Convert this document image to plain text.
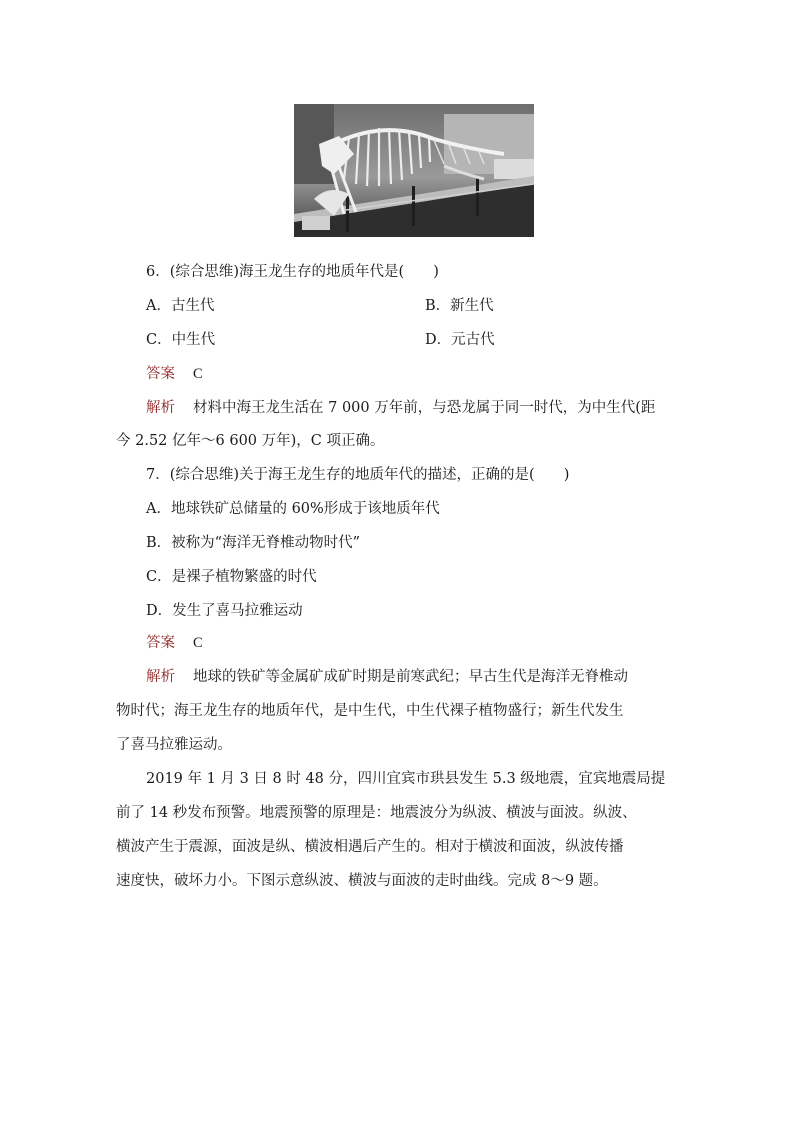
6．(综合思维)海王龙生存的地质年代是(　　)
A．古生代	B．新生代
C．中生代	D．元古代
答案 C
解析 材料中海王龙生活在 7 000 万年前，与恐龙属于同一时代，为中生代(距
今 2.52 亿年～6 600 万年)，C 项正确。
7．(综合思维)关于海王龙生存的地质年代的描述，正确的是(　　)
A．地球铁矿总储量的 60%形成于该地质年代
B．被称为“海洋无脊椎动物时代”
C．是裸子植物繁盛的时代
D．发生了喜马拉雅运动
答案 C
解析 地球的铁矿等金属矿成矿时期是前寒武纪；早古生代是海洋无脊椎动
物时代；海王龙生存的地质年代，是中生代，中生代裸子植物盛行；新生代发生
了喜马拉雅运动。
2019 年 1 月 3 日 8 时 48 分，四川宜宾市珙县发生 5.3 级地震，宜宾地震局提
前了 14 秒发布预警。地震预警的原理是：地震波分为纵波、横波与面波。纵波、
横波产生于震源，面波是纵、横波相遇后产生的。相对于横波和面波，纵波传播
速度快，破坏力小。下图示意纵波、横波与面波的走时曲线。完成 8～9 题。
